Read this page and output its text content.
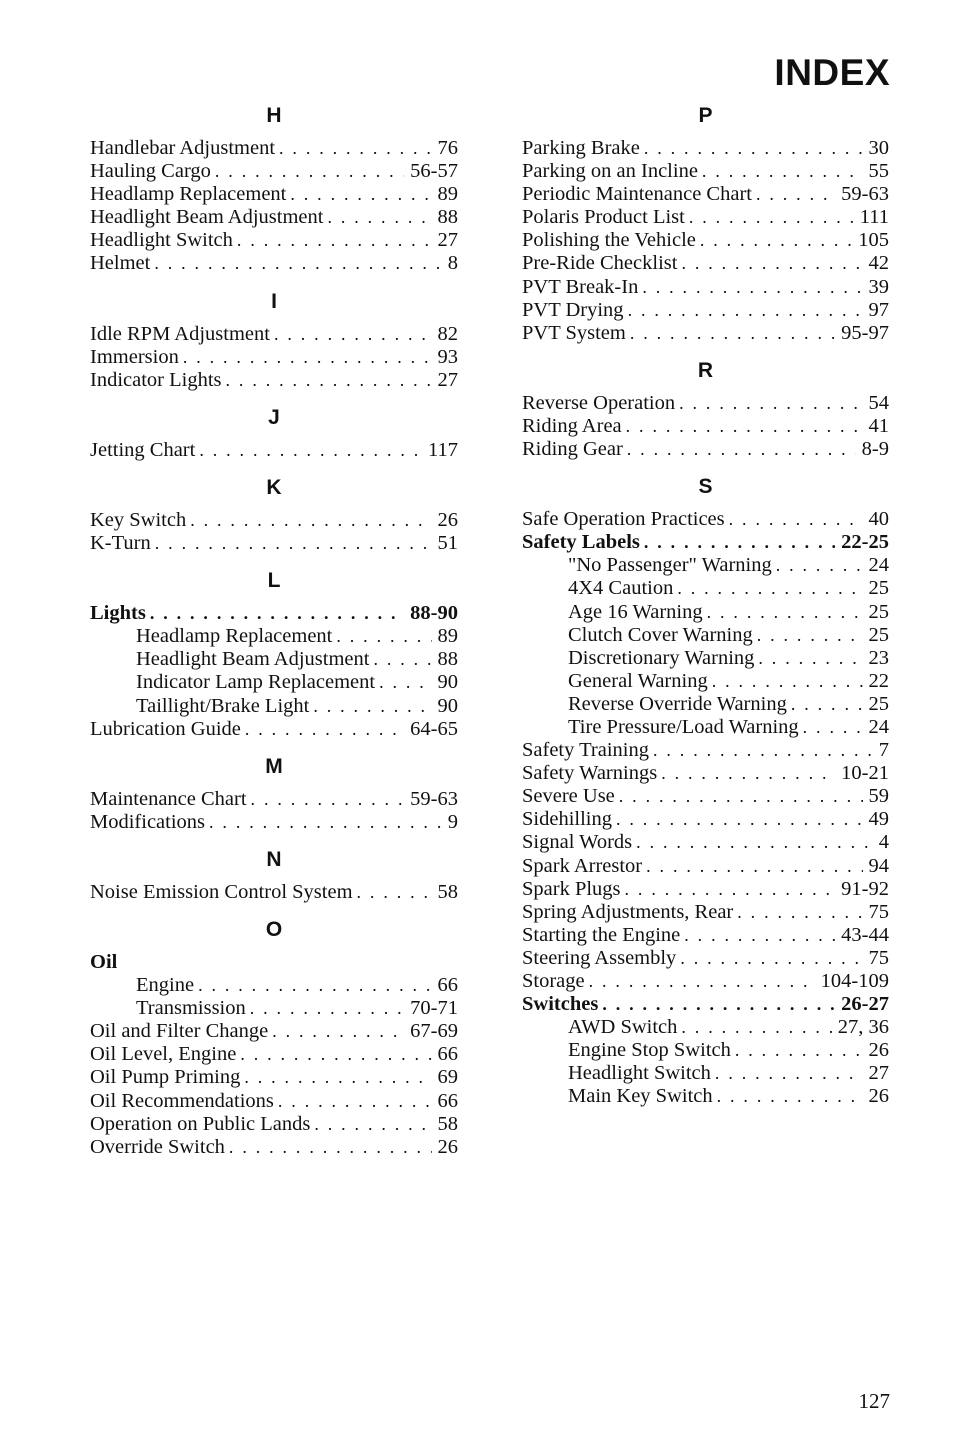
INDEX
H
Handlebar Adjustment . . .	76
Hauling Cargo . . .	56-57
Headlamp Replacement . . .	89
Headlight Beam Adjustment . . .	88
Headlight Switch . . .	27
Helmet . . .	8
I
Idle RPM Adjustment . . .	82
Immersion . . .	93
Indicator Lights . . .	27
J
Jetting Chart . . .	117
K
Key Switch . . .	26
K-Turn . . .	51
L
Lights . . .	88-90
Headlamp Replacement . . .	89
Headlight Beam Adjustment . . .	88
Indicator Lamp Replacement . . .	90
Taillight/Brake Light . . .	90
Lubrication Guide . . .	64-65
M
Maintenance Chart . . .	59-63
Modifications . . .	9
N
Noise Emission Control System . . .	58
O
Oil
Engine . . .	66
Transmission . . .	70-71
Oil and Filter Change . . .	67-69
Oil Level, Engine . . .	66
Oil Pump Priming . . .	69
Oil Recommendations . . .	66
Operation on Public Lands . . .	58
Override Switch . . .	26
P
Parking Brake . . .	30
Parking on an Incline . . .	55
Periodic Maintenance Chart . . .	59-63
Polaris Product List . . .	111
Polishing the Vehicle . . .	105
Pre-Ride Checklist . . .	42
PVT Break-In . . .	39
PVT Drying . . .	97
PVT System . . .	95-97
R
Reverse Operation . . .	54
Riding Area . . .	41
Riding Gear . . .	8-9
S
Safe Operation Practices . . .	40
Safety Labels . . .	22-25
"No Passenger" Warning . . .	24
4X4 Caution . . .	25
Age 16 Warning . . .	25
Clutch Cover Warning . . .	25
Discretionary Warning . . .	23
General Warning . . .	22
Reverse Override Warning . . .	25
Tire Pressure/Load Warning . . .	24
Safety Training . . .	7
Safety Warnings . . .	10-21
Severe Use . . .	59
Sidehilling . . .	49
Signal Words . . .	4
Spark Arrestor . . .	94
Spark Plugs . . .	91-92
Spring Adjustments, Rear . . .	75
Starting the Engine . . .	43-44
Steering Assembly . . .	75
Storage . . .	104-109
Switches . . .	26-27
AWD Switch . . .	27, 36
Engine Stop Switch . . .	26
Headlight Switch . . .	27
Main Key Switch . . .	26
127
